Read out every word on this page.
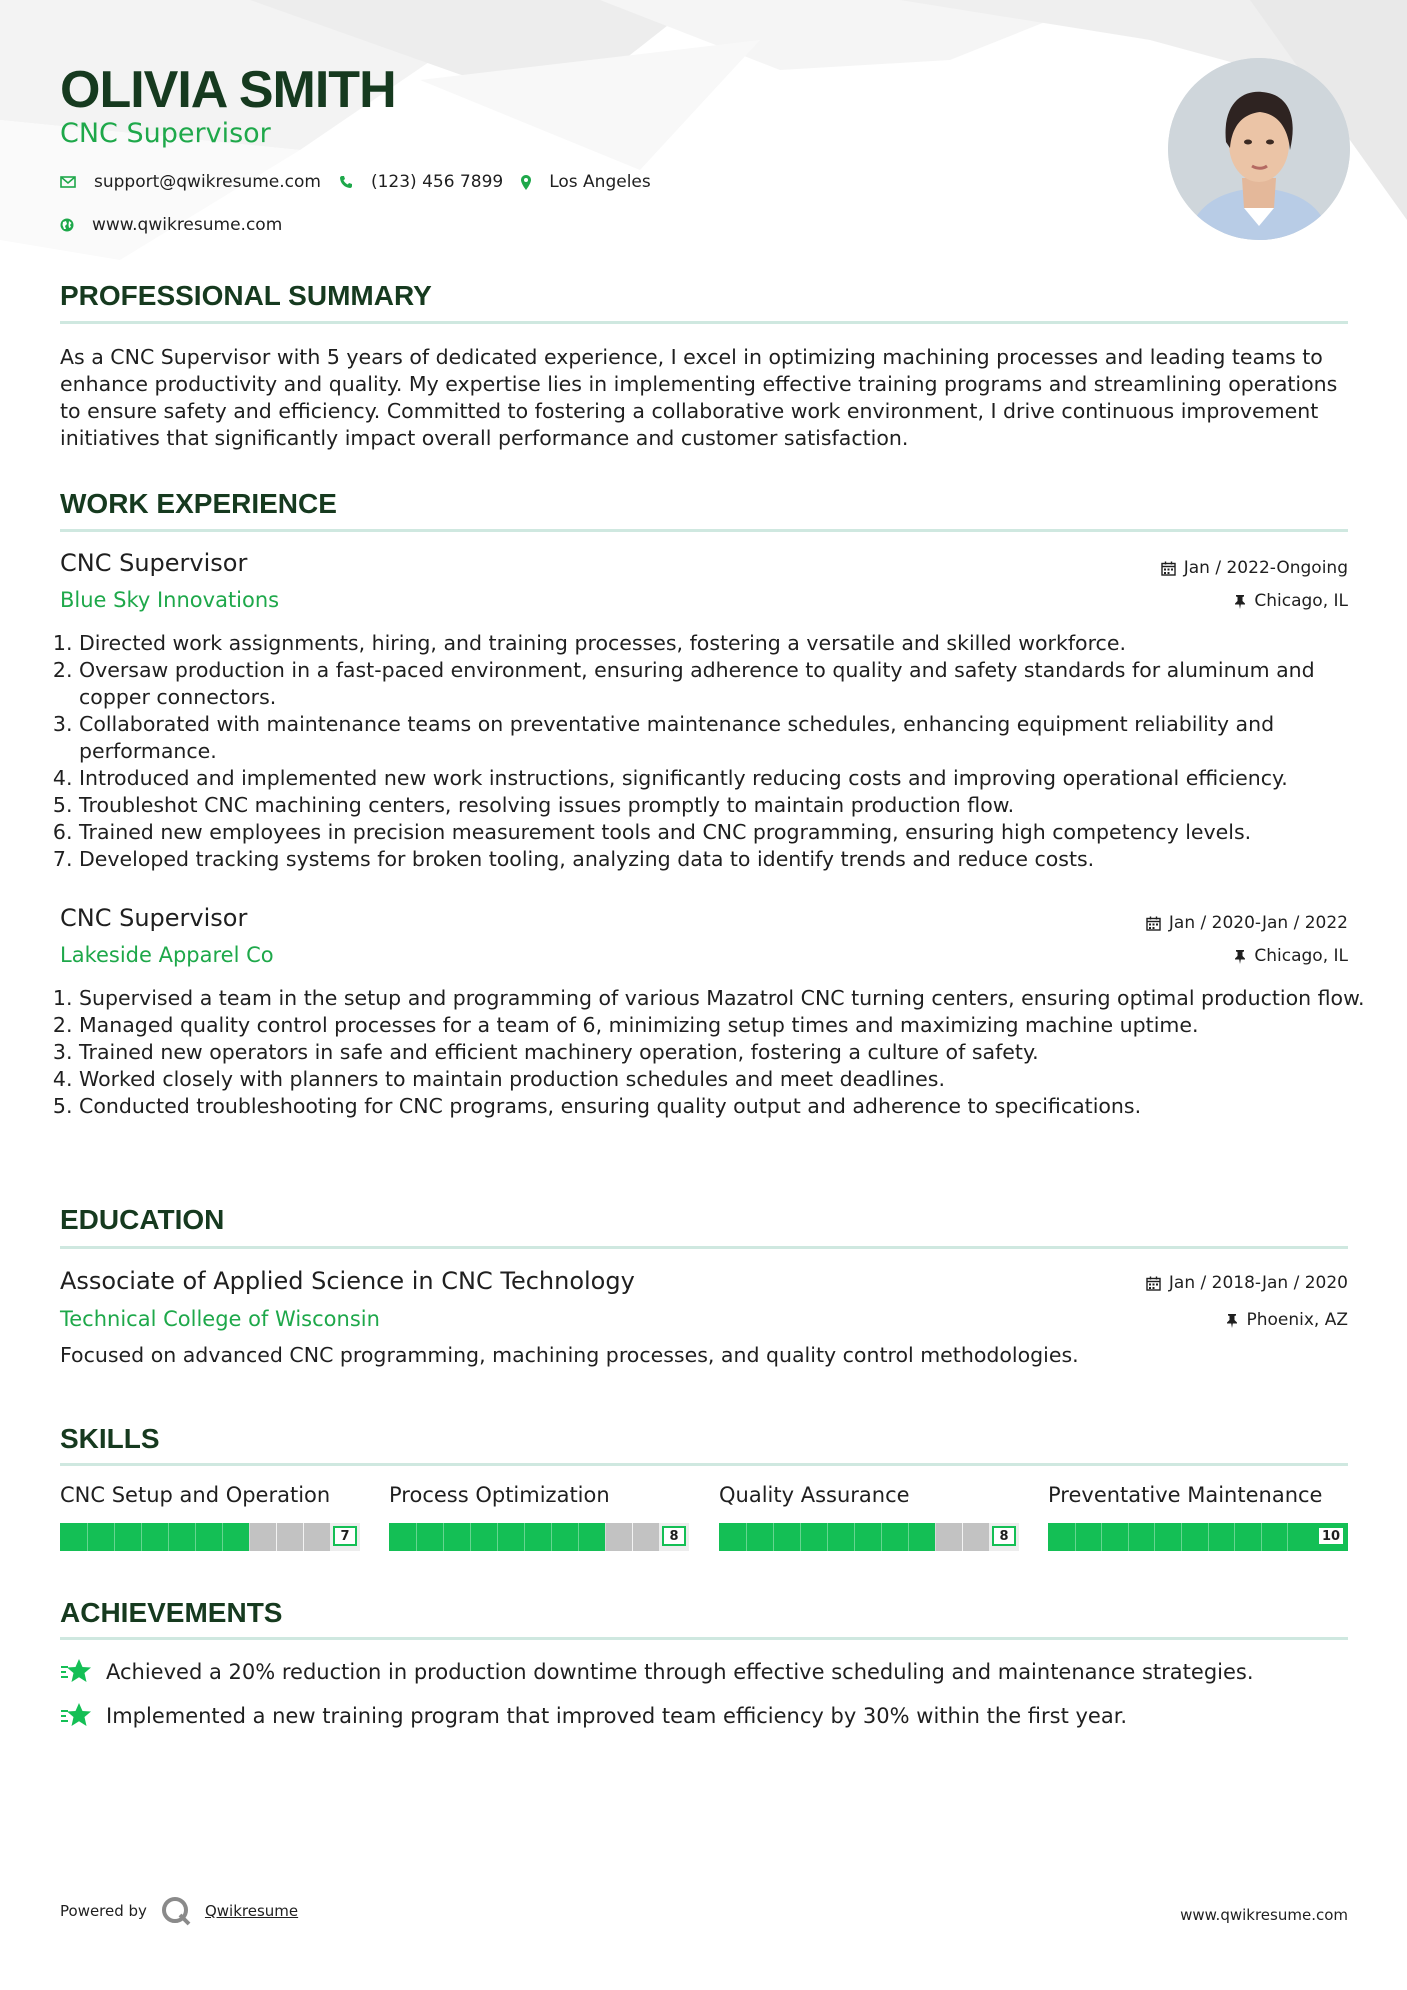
OLIVIA SMITH
CNC Supervisor
support@qwikresume.com	(123) 456 7899	Los Angeles
www.qwikresume.com
PROFESSIONAL SUMMARY

As a CNC Supervisor with 5 years of dedicated experience, I excel in optimizing machining processes and leading teams to enhance productivity and quality. My expertise lies in implementing effective training programs and streamlining operations to ensure safety and efficiency. Committed to fostering a collaborative work environment, I drive continuous improvement initiatives that significantly impact overall performance and customer satisfaction.

WORK EXPERIENCE
CNC Supervisor	Jan / 2022-Ongoing
Blue Sky Innovations	Chicago, IL
1. Directed work assignments, hiring, and training processes, fostering a versatile and skilled workforce.
2. Oversaw production in a fast-paced environment, ensuring adherence to quality and safety standards for aluminum and copper connectors.
3. Collaborated with maintenance teams on preventative maintenance schedules, enhancing equipment reliability and performance.
4. Introduced and implemented new work instructions, significantly reducing costs and improving operational efficiency.
5. Troubleshot CNC machining centers, resolving issues promptly to maintain production flow.
6. Trained new employees in precision measurement tools and CNC programming, ensuring high competency levels.
7. Developed tracking systems for broken tooling, analyzing data to identify trends and reduce costs.
CNC Supervisor	Jan / 2020-Jan / 2022
Lakeside Apparel Co	Chicago, IL
1. Supervised a team in the setup and programming of various Mazatrol CNC turning centers, ensuring optimal production flow.
2. Managed quality control processes for a team of 6, minimizing setup times and maximizing machine uptime.
3. Trained new operators in safe and efficient machinery operation, fostering a culture of safety.
4. Worked closely with planners to maintain production schedules and meet deadlines.
5. Conducted troubleshooting for CNC programs, ensuring quality output and adherence to specifications.
EDUCATION
Associate of Applied Science in CNC Technology	Jan / 2018-Jan / 2020
Technical College of Wisconsin	Phoenix, AZ

Focused on advanced CNC programming, machining processes, and quality control methodologies.

SKILLS
CNC Setup and Operation
7
Process Optimization
8
Quality Assurance
8
Preventative Maintenance
10
ACHIEVEMENTS
Achieved a 20% reduction in production downtime through effective scheduling and maintenance strategies.
Implemented a new training program that improved team efficiency by 30% within the first year.
Powered by	Qwikresume	www.qwikresume.com
